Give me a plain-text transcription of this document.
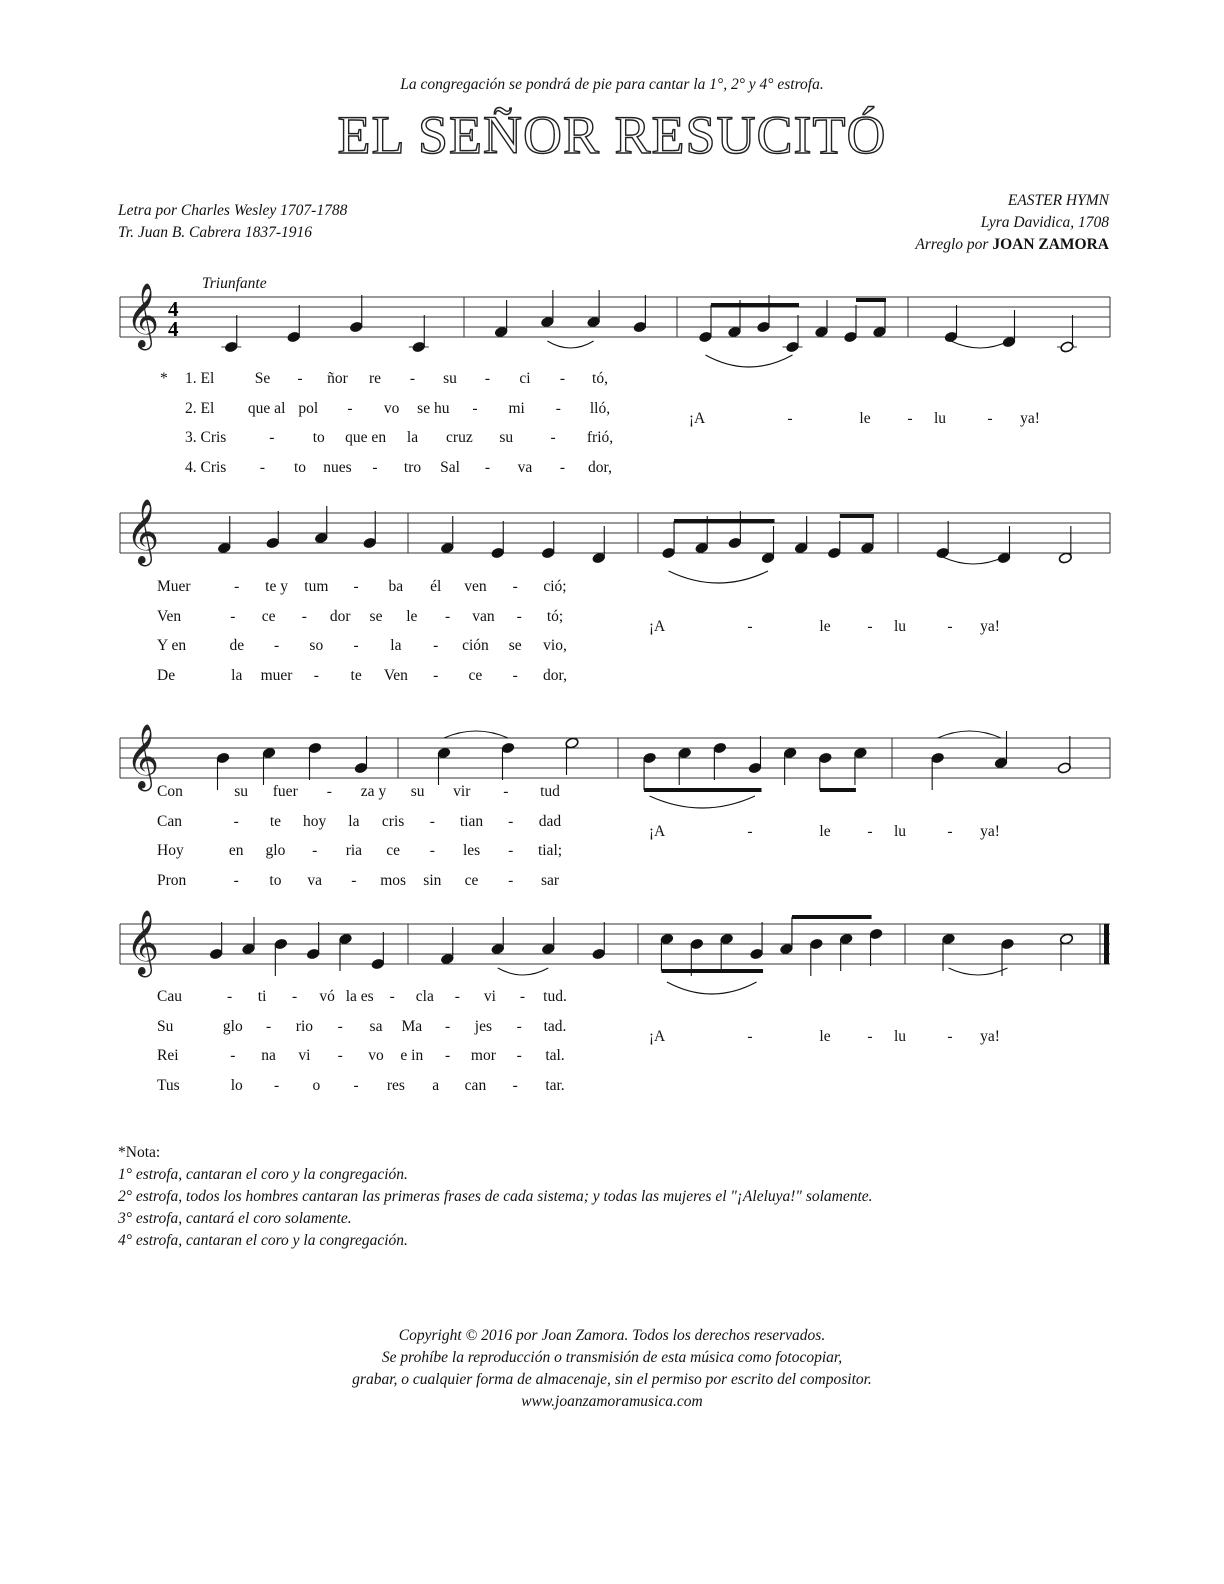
La congregación se pondrá de pie para cantar la 1°, 2° y 4° estrofa.
EL SEÑOR RESUCITÓ
Letra por Charles Wesley 1707-1788
Tr. Juan B. Cabrera 1837-1916
EASTER HYMN
Lyra Davidica, 1708
Arreglo por JOAN ZAMORA
Triunfante
𝄞 4
4
𝄞
𝄞
𝄞
1. El	Se - ñor re - su - ci - tó,
2. El que al pol - vo se hu - mi - lló,
3. Cris	- to que en la cruz su - frió,
4. Cris - to nues - tro Sal - va - dor,
¡A	-	le - lu	- ya!
Muer	- te y tum - ba él ven - ció;
Ven	- ce - dor se le - van - tó;
Y en	de - so - la - ción se vio,
De	la muer - te Ven - ce - dor,
¡A	-	le - lu	- ya!
Con	su fuer - za y su vir - tud
Can	- te hoy la cris - tian - dad
Hoy	en glo - ria ce - les - tial;
Pron	- to va - mos sin ce - sar
¡A	-	le - lu	- ya!
Cau	- ti - vó la es - cla - vi - tud.
Su	glo - rio - sa Ma - jes - tad.
Rei	- na vi - vo e in - mor - tal.
Tus	lo - o - res a can - tar.
¡A	-	le - lu	- ya!
*
*Nota:
1° estrofa, cantaran el coro y la congregación.
2° estrofa, todos los hombres cantaran las primeras frases de cada sistema; y todas las mujeres el "¡Aleluya!" solamente.
3° estrofa, cantará el coro solamente.
4° estrofa, cantaran el coro y la congregación.
Copyright © 2016 por Joan Zamora. Todos los derechos reservados.
Se prohíbe la reproducción o transmisión de esta música como fotocopiar,
grabar, o cualquier forma de almacenaje, sin el permiso por escrito del compositor.
www.joanzamoramusica.com
